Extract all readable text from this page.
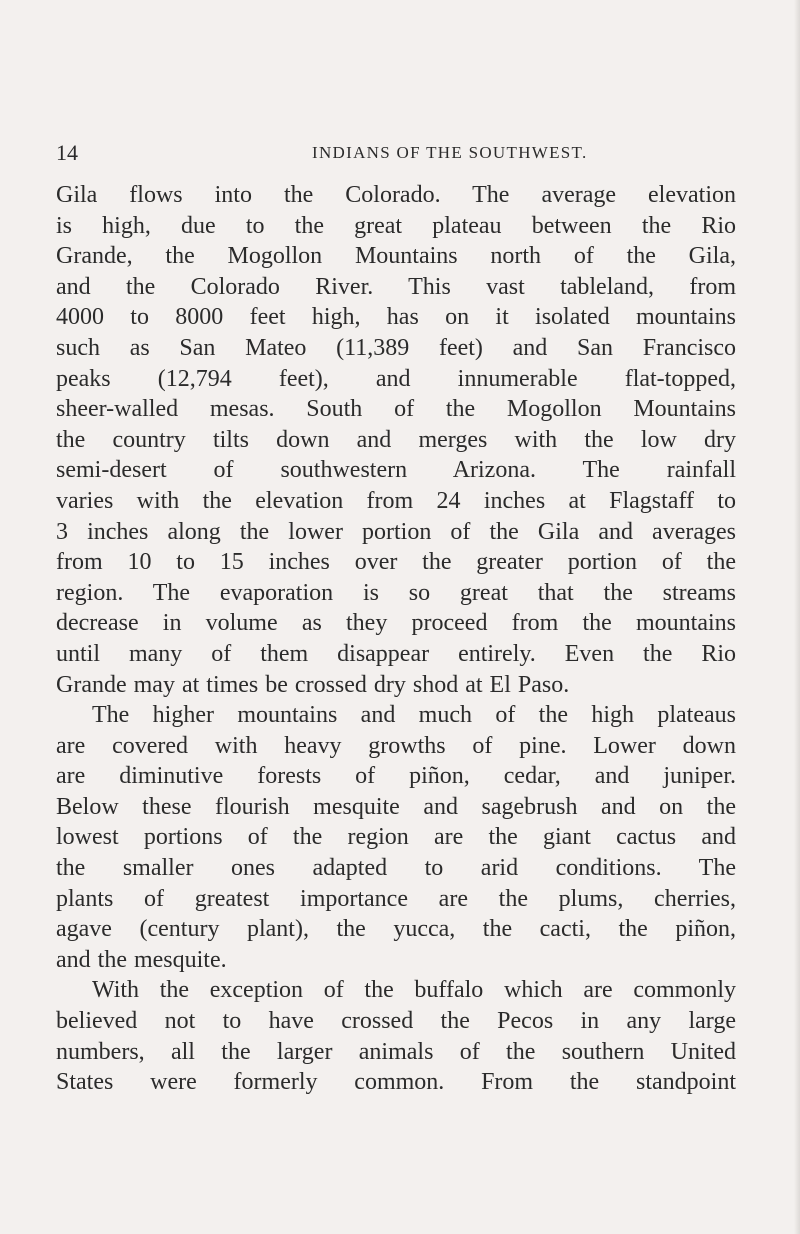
14	INDIANS OF THE SOUTHWEST.
Gila flows into the Colorado. The average elevation
is high, due to the great plateau between the Rio
Grande, the Mogollon Mountains north of the Gila,
and the Colorado River. This vast tableland, from
4000 to 8000 feet high, has on it isolated mountains
such as San Mateo (11,389 feet) and San Francisco
peaks (12,794 feet), and innumerable flat-topped,
sheer-walled mesas. South of the Mogollon Mountains
the country tilts down and merges with the low dry
semi-desert of southwestern Arizona. The rainfall
varies with the elevation from 24 inches at Flagstaff to
3 inches along the lower portion of the Gila and averages
from 10 to 15 inches over the greater portion of the
region. The evaporation is so great that the streams
decrease in volume as they proceed from the mountains
until many of them disappear entirely. Even the Rio
Grande may at times be crossed dry shod at El Paso.
The higher mountains and much of the high plateaus
are covered with heavy growths of pine. Lower down
are diminutive forests of piñon, cedar, and juniper.
Below these flourish mesquite and sagebrush and on the
lowest portions of the region are the giant cactus and
the smaller ones adapted to arid conditions. The
plants of greatest importance are the plums, cherries,
agave (century plant), the yucca, the cacti, the piñon,
and the mesquite.
With the exception of the buffalo which are commonly
believed not to have crossed the Pecos in any large
numbers, all the larger animals of the southern United
States were formerly common. From the standpoint
